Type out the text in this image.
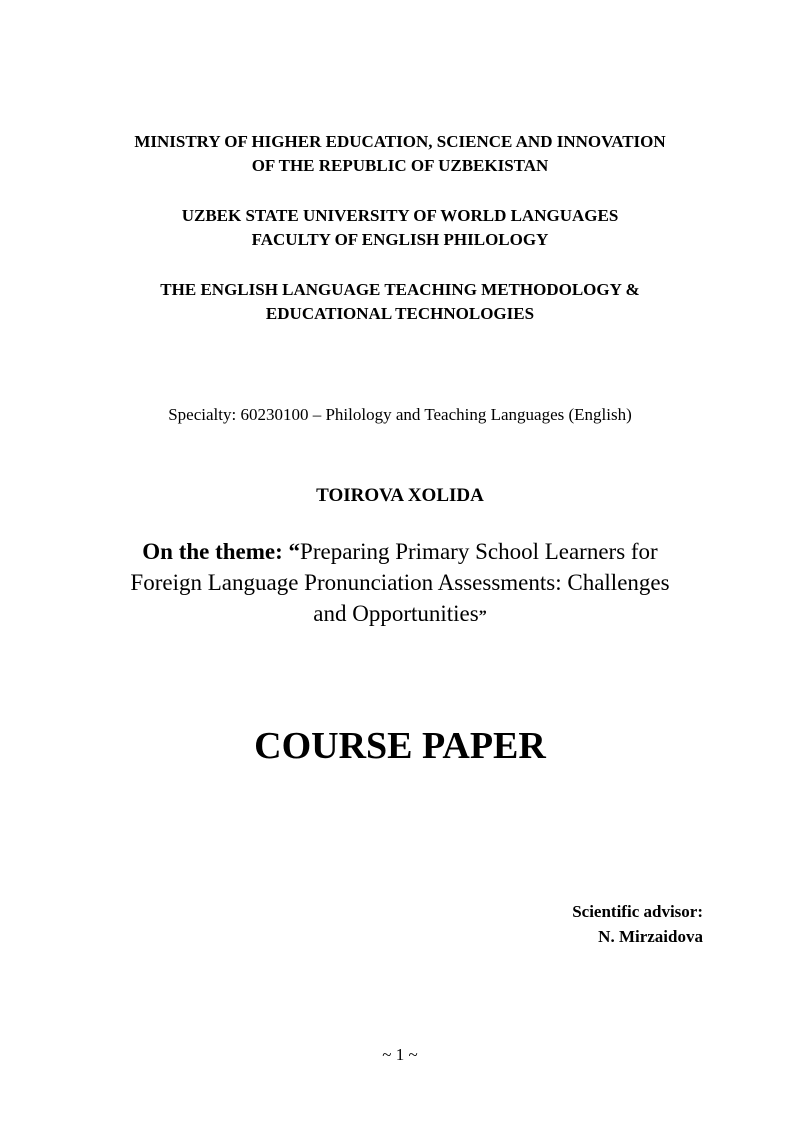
MINISTRY OF HIGHER EDUCATION, SCIENCE AND INNOVATION
OF THE REPUBLIC OF UZBEKISTAN
UZBEK STATE UNIVERSITY OF WORLD LANGUAGES
FACULTY OF ENGLISH PHILOLOGY
THE ENGLISH LANGUAGE TEACHING METHODOLOGY &
EDUCATIONAL TECHNOLOGIES
Specialty: 60230100 – Philology and Teaching Languages (English)
TOIROVA XOLIDA
On the theme: “Preparing Primary School Learners for
Foreign Language Pronunciation Assessments: Challenges
and Opportunities”
COURSE PAPER
Scientific advisor:
N. Mirzaidova
~ 1 ~
